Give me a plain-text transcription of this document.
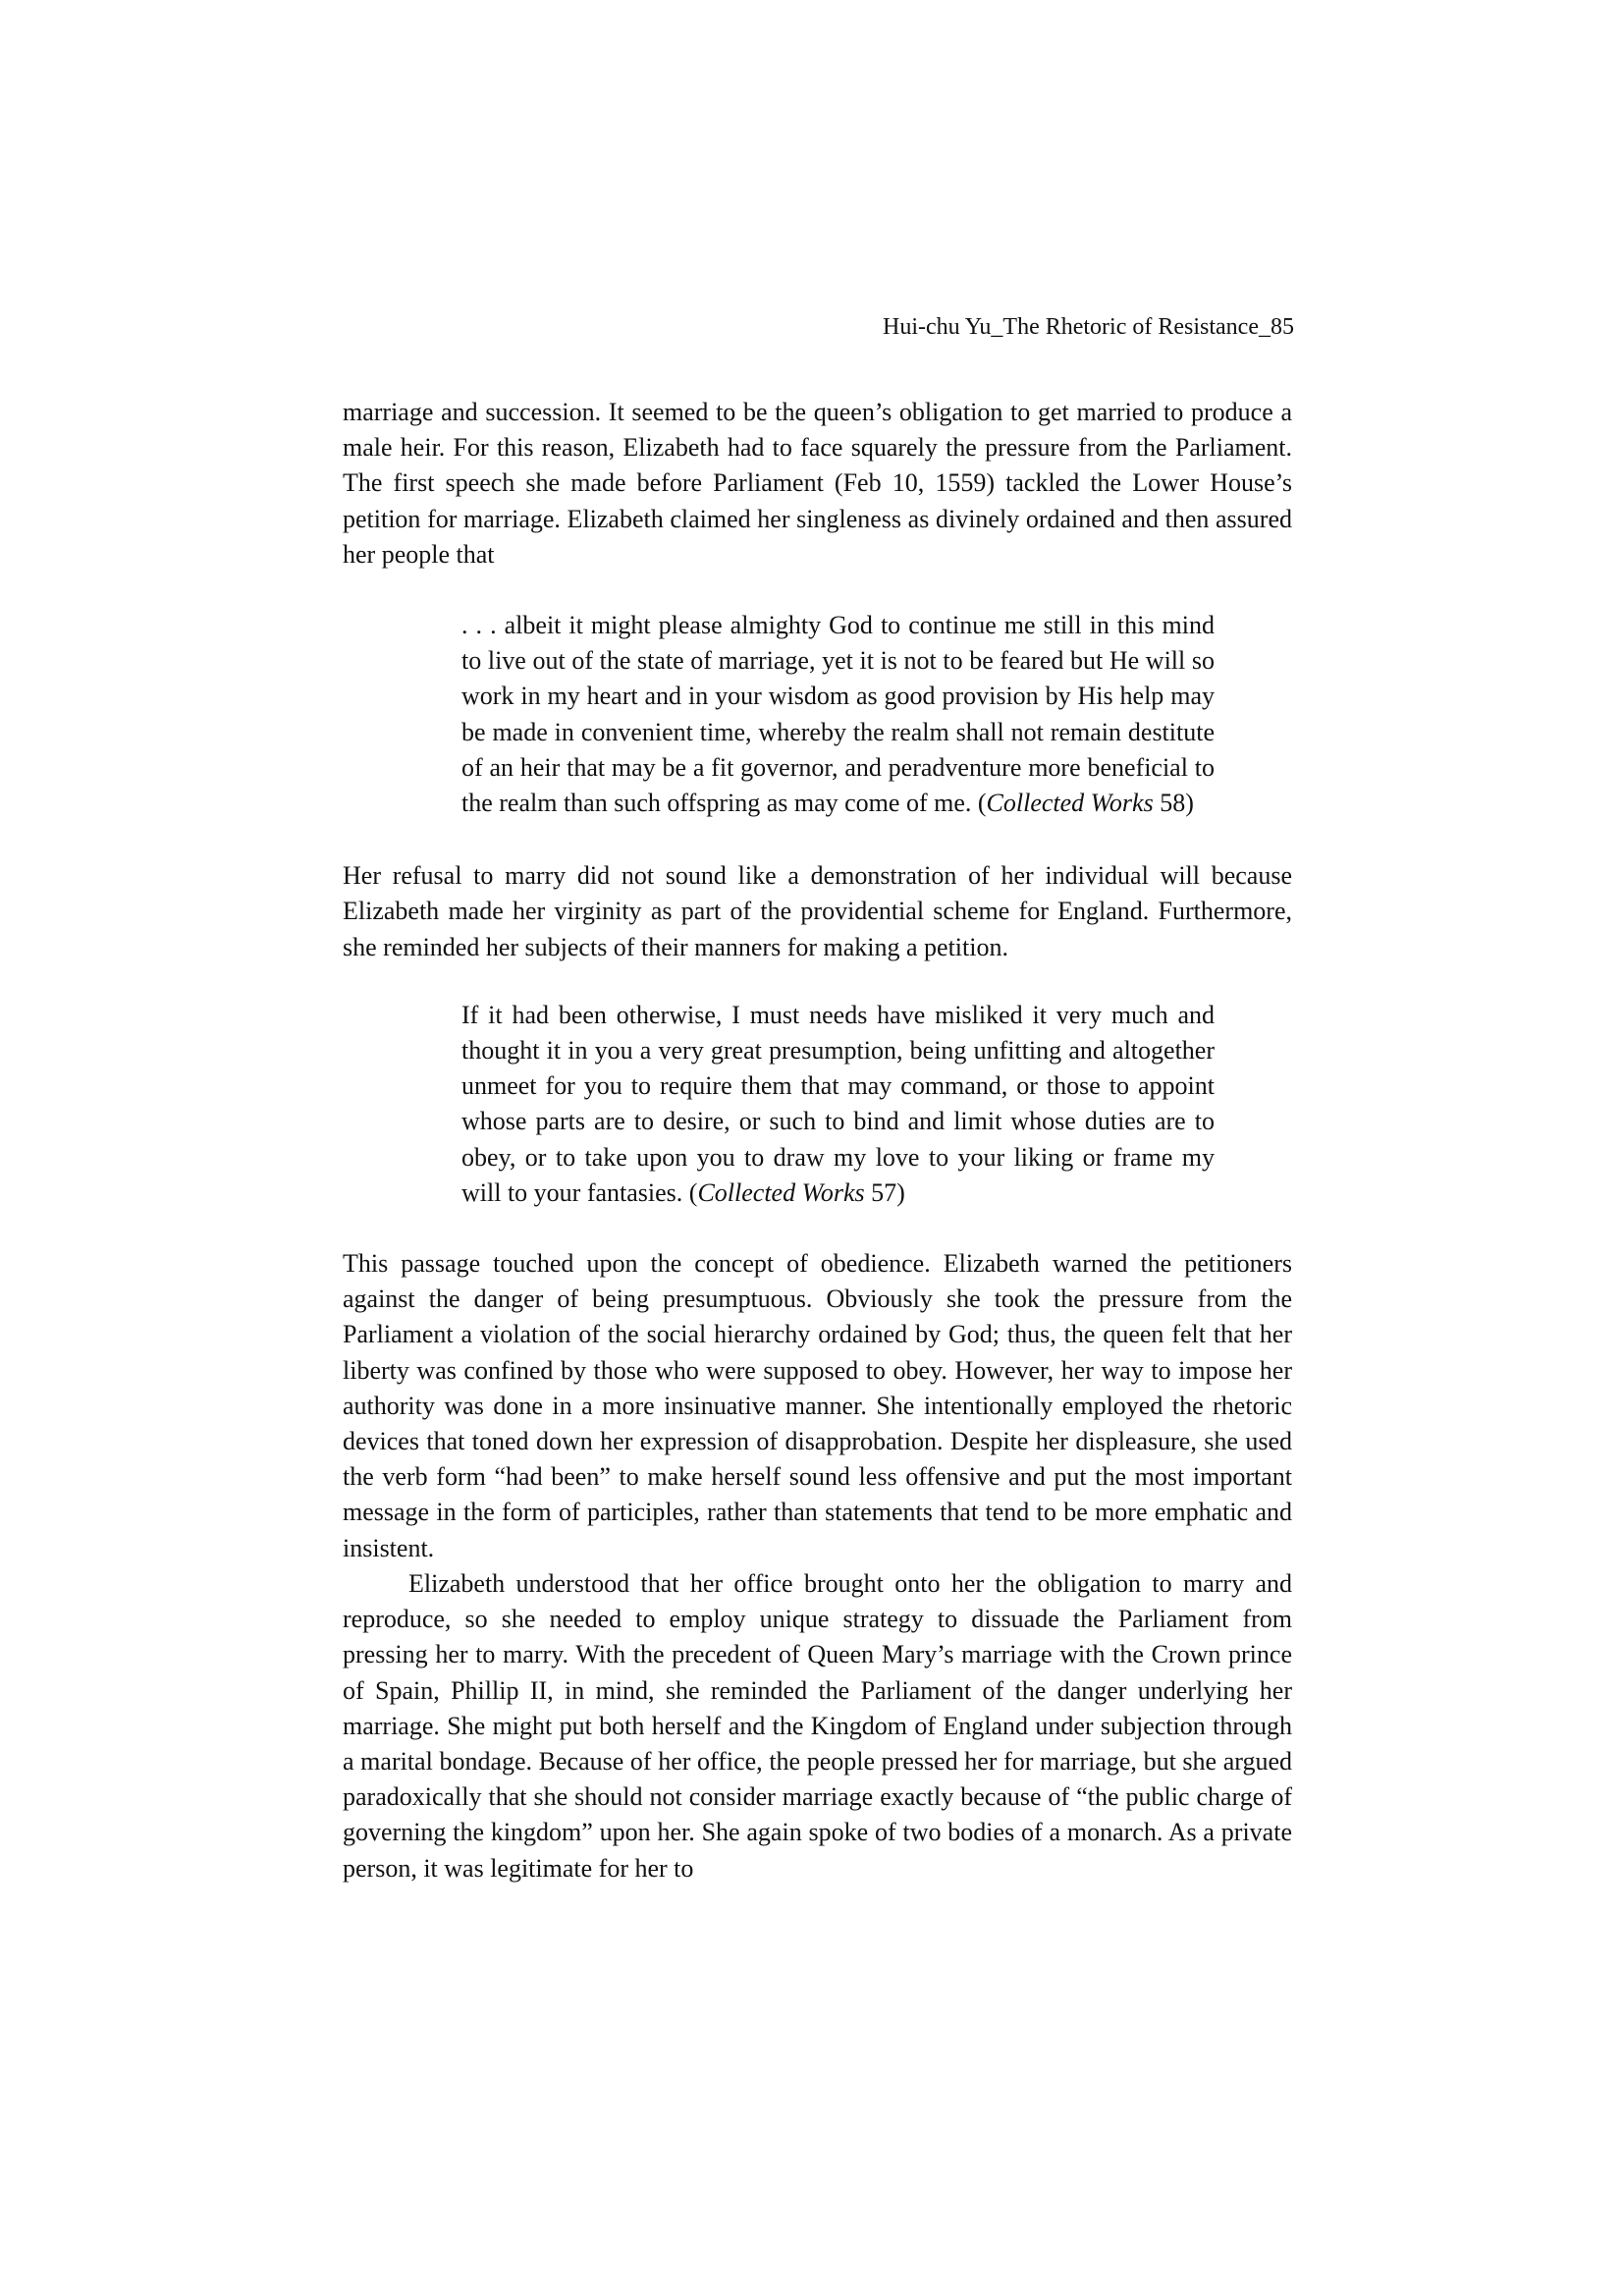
Hui-chu Yu_The Rhetoric of Resistance_85

marriage and succession. It seemed to be the queen’s obligation to get married to produce a male heir. For this reason, Elizabeth had to face squarely the pressure from the Parliament. The first speech she made before Parliament (Feb 10, 1559) tackled the Lower House’s petition for marriage. Elizabeth claimed her singleness as divinely ordained and then assured her people that

. . . albeit it might please almighty God to continue me still in this mind to live out of the state of marriage, yet it is not to be feared but He will so work in my heart and in your wisdom as good provision by His help may be made in convenient time, whereby the realm shall not remain destitute of an heir that may be a fit governor, and peradventure more beneficial to the realm than such offspring as may come of me. (Collected Works 58)

Her refusal to marry did not sound like a demonstration of her individual will because Elizabeth made her virginity as part of the providential scheme for England. Furthermore, she reminded her subjects of their manners for making a petition.

If it had been otherwise, I must needs have misliked it very much and thought it in you a very great presumption, being unfitting and altogether unmeet for you to require them that may command, or those to appoint whose parts are to desire, or such to bind and limit whose duties are to obey, or to take upon you to draw my love to your liking or frame my will to your fantasies. (Collected Works 57)

This passage touched upon the concept of obedience. Elizabeth warned the petitioners against the danger of being presumptuous. Obviously she took the pressure from the Parliament a violation of the social hierarchy ordained by God; thus, the queen felt that her liberty was confined by those who were supposed to obey. However, her way to impose her authority was done in a more insinuative manner. She intentionally employed the rhetoric devices that toned down her expression of disapprobation. Despite her displeasure, she used the verb form “had been” to make herself sound less offensive and put the most important message in the form of participles, rather than statements that tend to be more emphatic and insistent.

Elizabeth understood that her office brought onto her the obligation to marry and reproduce, so she needed to employ unique strategy to dissuade the Parliament from pressing her to marry. With the precedent of Queen Mary’s marriage with the Crown prince of Spain, Phillip II, in mind, she reminded the Parliament of the danger underlying her marriage. She might put both herself and the Kingdom of England under subjection through a marital bondage. Because of her office, the people pressed her for marriage, but she argued paradoxically that she should not consider marriage exactly because of “the public charge of governing the kingdom” upon her. She again spoke of two bodies of a monarch. As a private person, it was legitimate for her to
